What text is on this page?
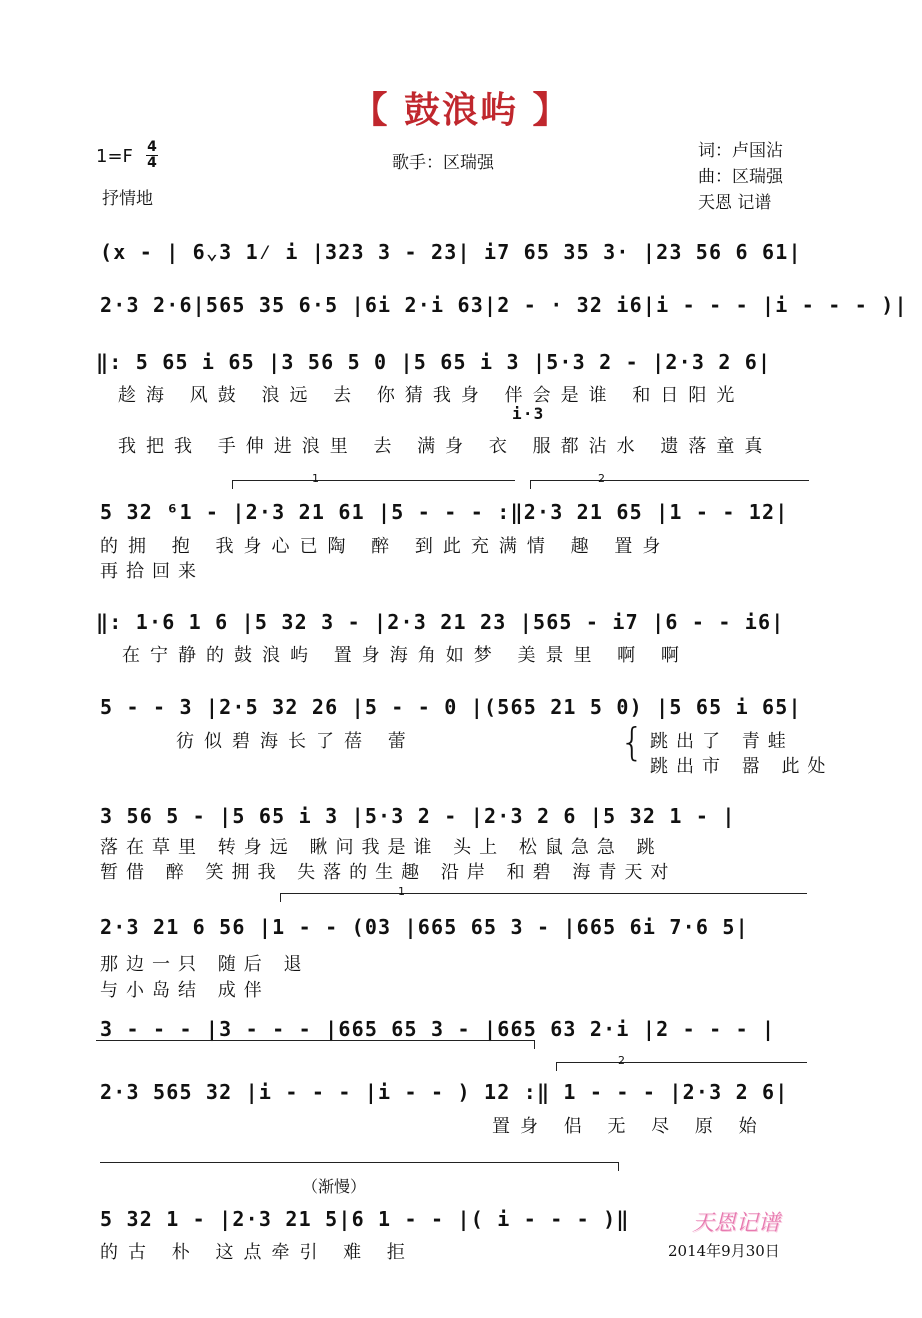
【 鼓浪屿 】
1=F 4
4
抒情地
歌手：区瑞强
词：卢国沾
曲：区瑞强
天恩 记谱
(x - | 6⌄3 1⁄ i |323 3 - 23| i7 65 35 3· |23 56 6 61|
2·3 2·6|565 35 6·5 |6i 2·i 63|2 - · 32 i6|i - - - |i - - - )|
‖: 5 65 i 65 |3 56 5 0 |5 65 i 3 |5·3 2 - |2·3 2 6|
趁海 风鼓 浪远 去 你猜我身 伴会是谁 和日阳光
i·3
我把我 手伸进浪里 去 满身 衣 服都沾水 遗落童真
1	2
5 32 ⁶1 - |2·3 21 61 |5 - - - :‖2·3 21 65 |1 - - 12|
的拥 抱 我身心已陶 醉 到此充满情 趣 置身
再拾回来
‖: 1·6 1 6 |5 32 3 - |2·3 21 23 |565 - i7 |6 - - i6|
在宁静的鼓浪屿 置身海角如梦 美景里 啊 啊
5 - - 3 |2·5 32 26 |5 - - 0 |(565 21 5 0) |5 65 i 65|
彷似碧海长了蓓 蕾	{ 跳出了 青蛙
跳出市 嚣 此处
3 56 5 - |5 65 i 3 |5·3 2 - |2·3 2 6 |5 32 1 - |
落在草里 转身远 瞅问我是谁 头上 松鼠急急 跳
暂借 醉 笑拥我 失落的生趣 沿岸 和碧 海青天对
1
2·3 21 6 56 |1 - - (03 |665 65 3 - |665 6i 7·6 5|
那边一只 随后 退
与小岛结 成伴
3 - - - |3 - - - |665 65 3 - |665 63 2·i |2 - - - |
2
2·3 565 32 |i - - - |i - - ) 12 :‖ 1 - - - |2·3 2 6|
置身 侣 无 尽 原 始
（渐慢）
5 32 1 - |2·3 21 5|6 1 - - |( i - - - )‖
的古 朴 这点牵引 难 拒
天恩记谱
2014年9月30日
